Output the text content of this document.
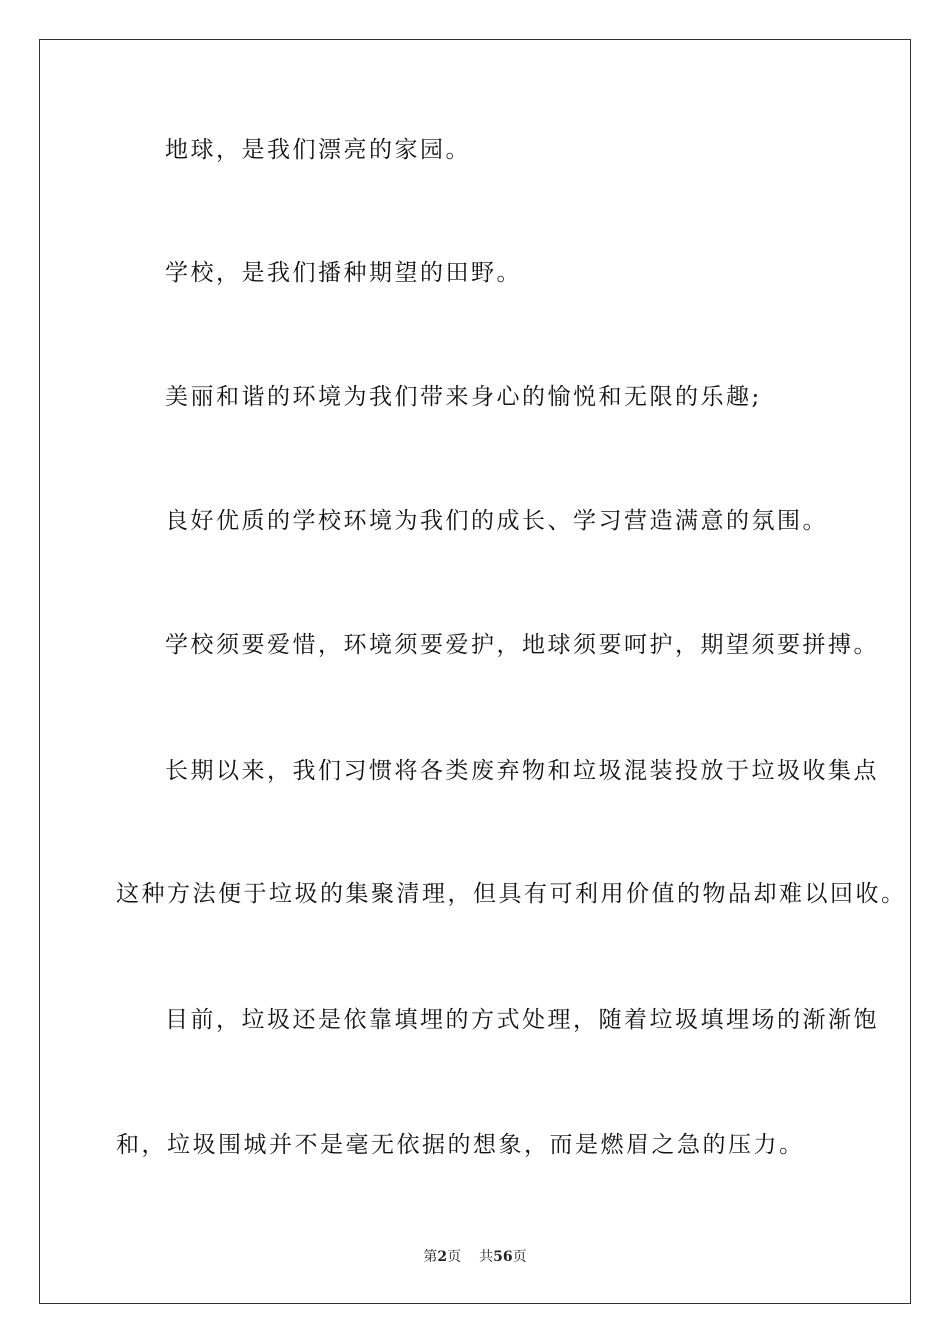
地球，是我们漂亮的家园。
学校，是我们播种期望的田野。
美丽和谐的环境为我们带来身心的愉悦和无限的乐趣;
良好优质的学校环境为我们的成长、学习营造满意的氛围。
学校须要爱惜，环境须要爱护，地球须要呵护，期望须要拼搏。
长期以来，我们习惯将各类废弃物和垃圾混装投放于垃圾收集点
这种方法便于垃圾的集聚清理，但具有可利用价值的物品却难以回收。
目前，垃圾还是依靠填埋的方式处理，随着垃圾填埋场的渐渐饱
和，垃圾围城并不是毫无依据的想象，而是燃眉之急的压力。
第2页 共56页
